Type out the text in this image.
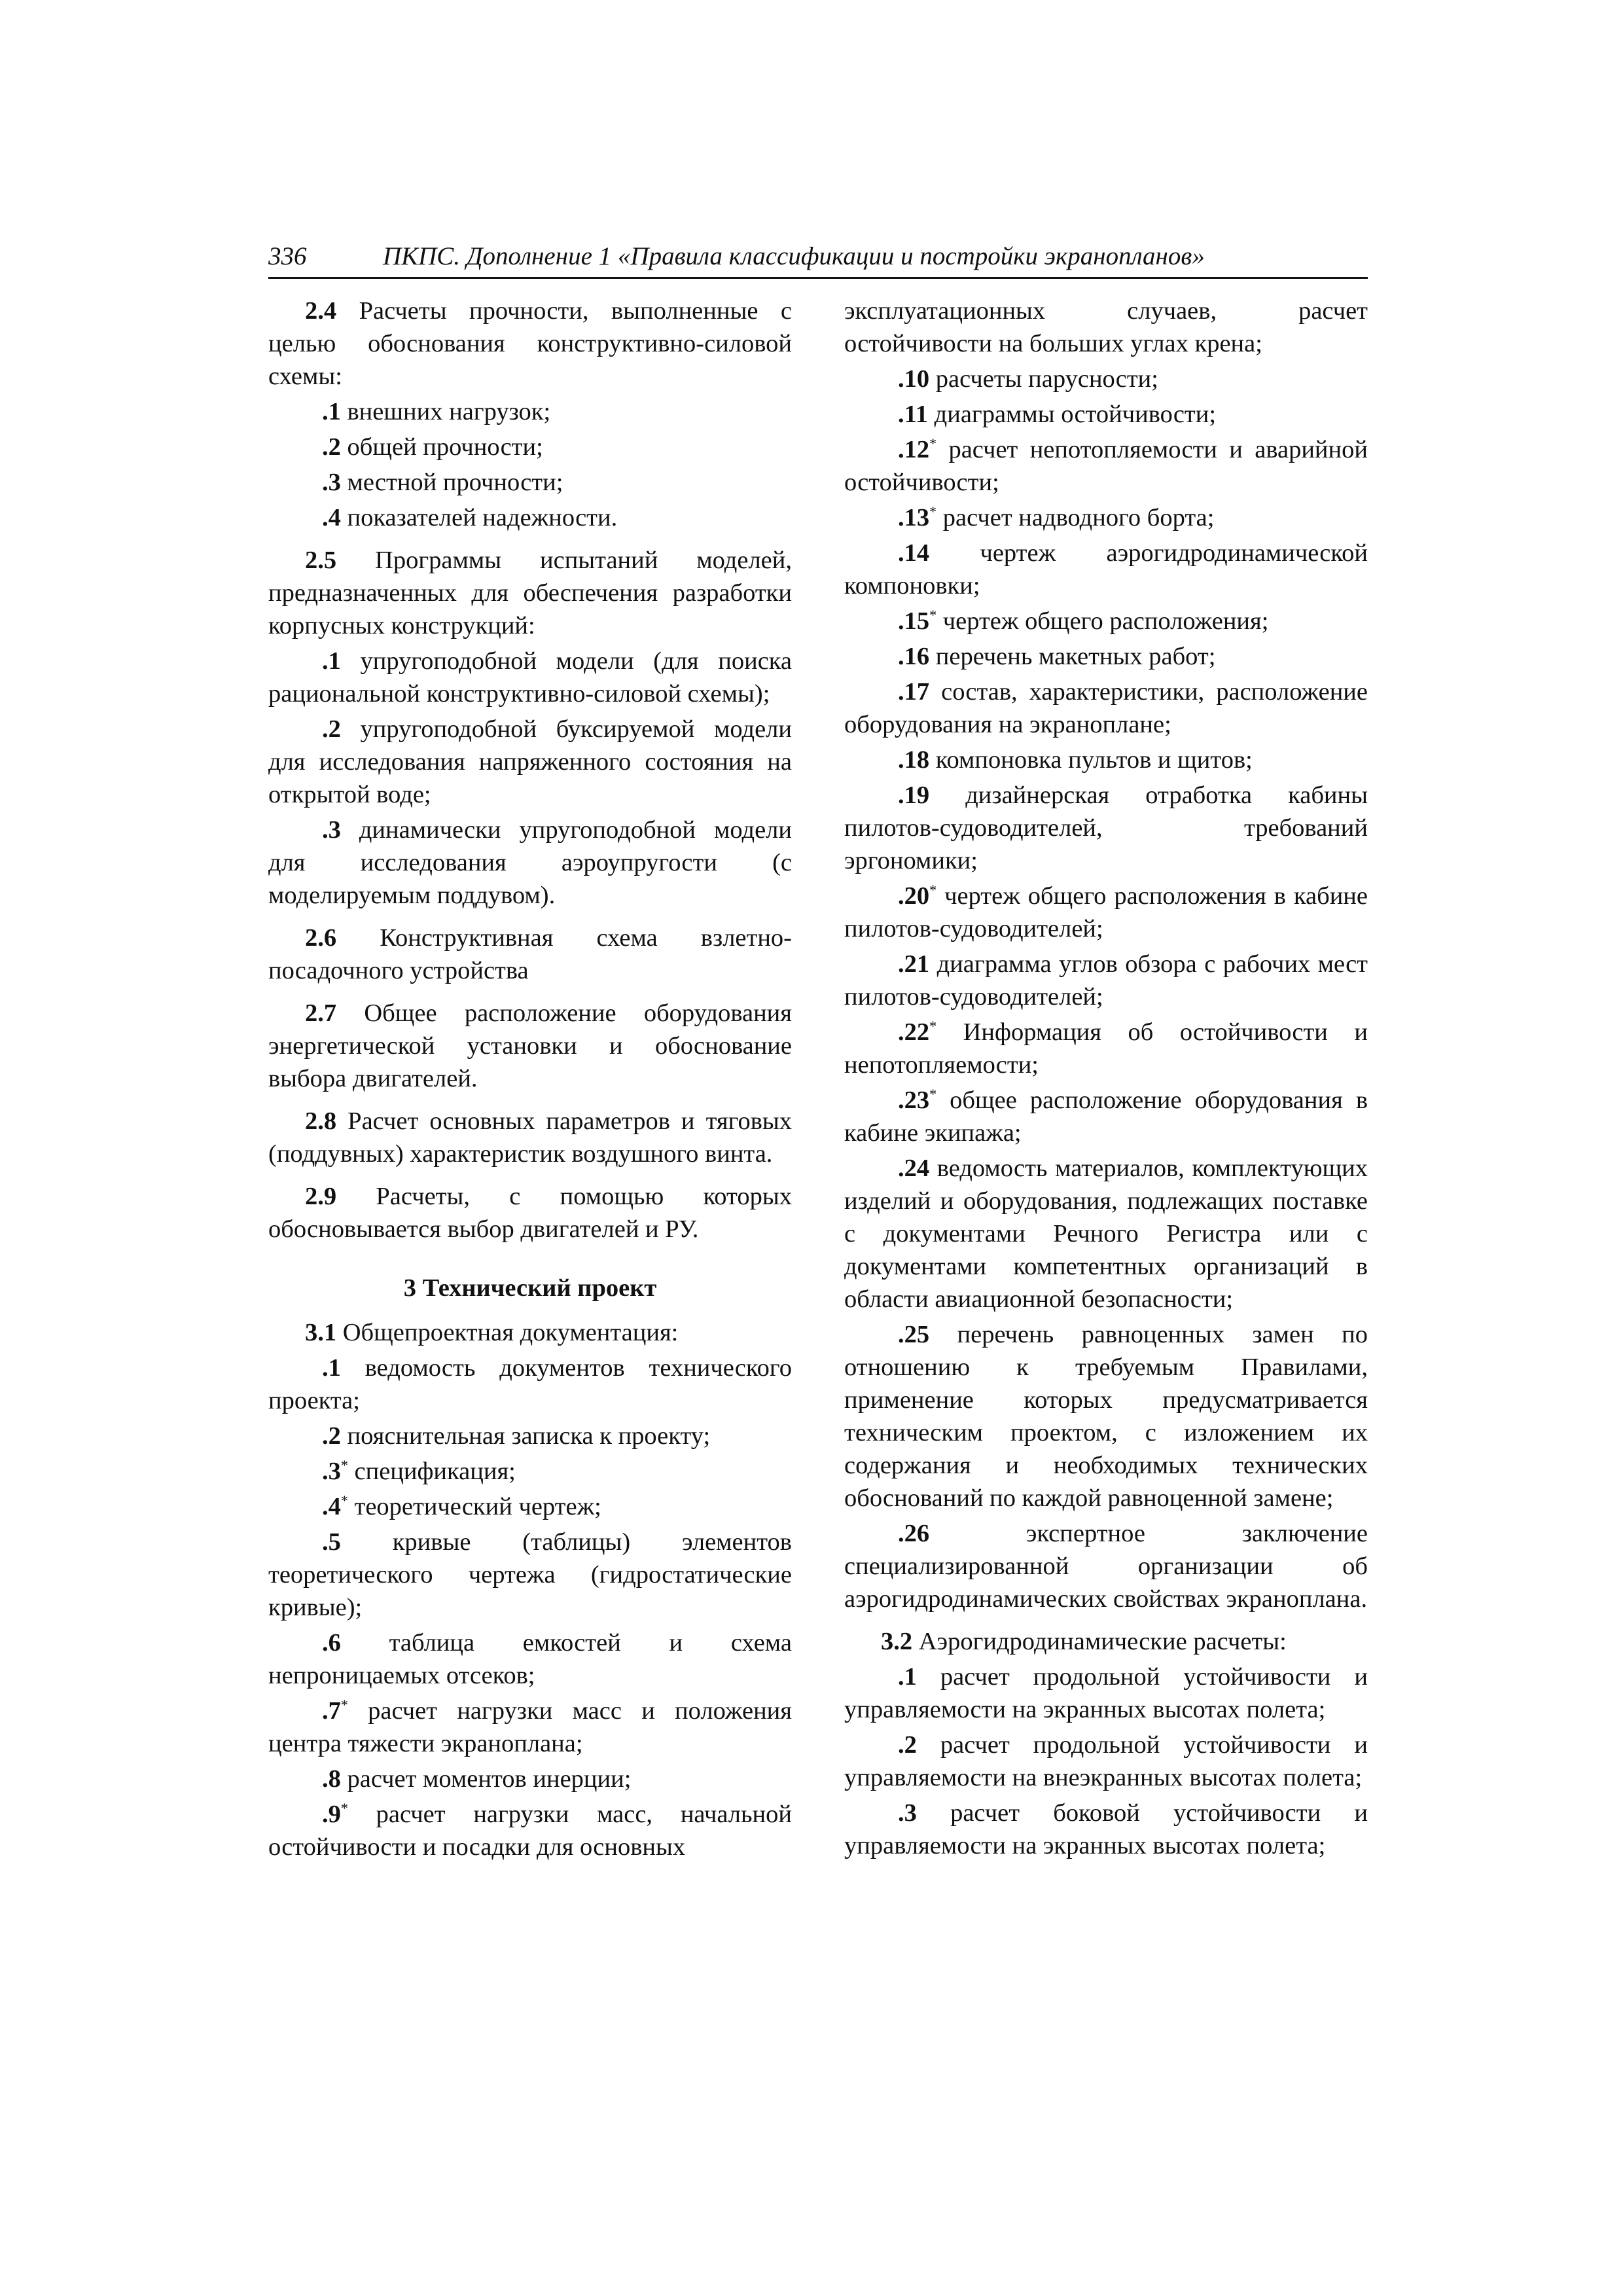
336	ПКПС. Дополнение 1 «Правила классификации и постройки экранопланов»

2.4 Расчеты прочности, выполненные с целью обоснования конструктивно-силовой схемы:

.1 внешних нагрузок;

.2 общей прочности;

.3 местной прочности;

.4 показателей надежности.

2.5 Программы испытаний моделей, предназначенных для обеспечения разработки корпусных конструкций:

.1 упругоподобной модели (для поиска рациональной конструктивно-силовой схемы);

.2 упругоподобной буксируемой модели для исследования напряженного состояния на открытой воде;

.3 динамически упругоподобной модели для исследования аэроупругости (с моделируемым поддувом).

2.6 Конструктивная схема взлетно-посадочного устройства

2.7 Общее расположение оборудования энергетической установки и обоснование выбора двигателей.

2.8 Расчет основных параметров и тяговых (поддувных) характеристик воздушного винта.

2.9 Расчеты, с помощью которых обосновывается выбор двигателей и РУ.

3 Технический проект

3.1 Общепроектная документация:

.1 ведомость документов технического проекта;

.2 пояснительная записка к проекту;

.3* спецификация;

.4* теоретический чертеж;

.5 кривые (таблицы) элементов теоретического чертежа (гидростатические кривые);

.6 таблица емкостей и схема непроницаемых отсеков;

.7* расчет нагрузки масс и положения центра тяжести экраноплана;

.8 расчет моментов инерции;

.9* расчет нагрузки масс, начальной остойчивости и посадки для основных

эксплуатационных случаев, расчет остойчивости на больших углах крена;

.10 расчеты парусности;

.11 диаграммы остойчивости;

.12* расчет непотопляемости и аварийной остойчивости;

.13* расчет надводного борта;

.14 чертеж аэрогидродинамической компоновки;

.15* чертеж общего расположения;

.16 перечень макетных работ;

.17 состав, характеристики, расположение оборудования на экраноплане;

.18 компоновка пультов и щитов;

.19 дизайнерская отработка кабины пилотов-судоводителей, требований эргономики;

.20* чертеж общего расположения в кабине пилотов-судоводителей;

.21 диаграмма углов обзора с рабочих мест пилотов-судоводителей;

.22* Информация об остойчивости и непотопляемости;

.23* общее расположение оборудования в кабине экипажа;

.24 ведомость материалов, комплектующих изделий и оборудования, подлежащих поставке с документами Речного Регистра или с документами компетентных организаций в области авиационной безопасности;

.25 перечень равноценных замен по отношению к требуемым Правилами, применение которых предусматривается техническим проектом, с изложением их содержания и необходимых технических обоснований по каждой равноценной замене;

.26 экспертное заключение специализированной организации об аэрогидродинамических свойствах экраноплана.

3.2 Аэрогидродинамические расчеты:

.1 расчет продольной устойчивости и управляемости на экранных высотах полета;

.2 расчет продольной устойчивости и управляемости на внеэкранных высотах полета;

.3 расчет боковой устойчивости и управляемости на экранных высотах полета;
